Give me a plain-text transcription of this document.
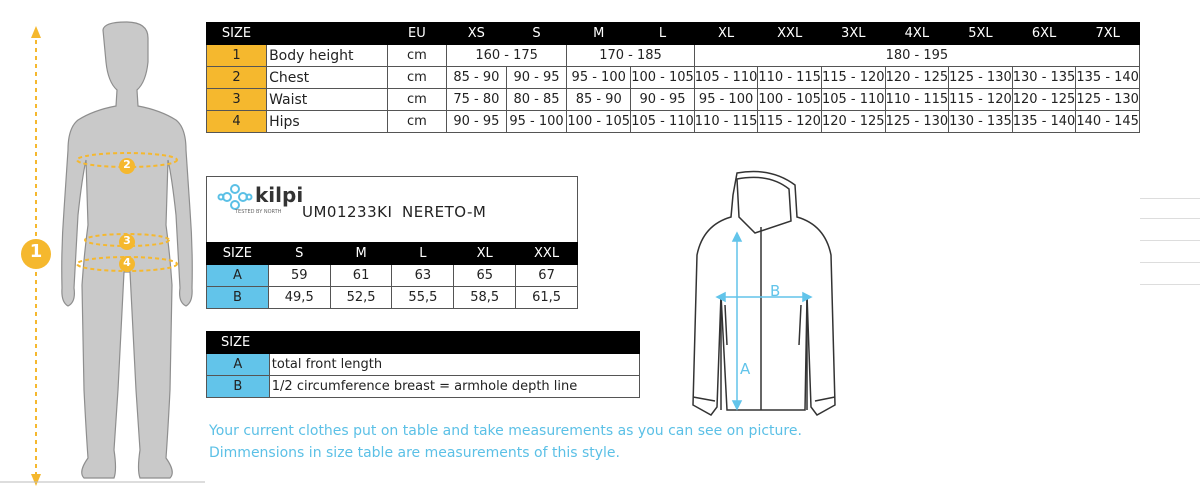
1
2
3
4
SIZE		EU	XS	S	M	L	XL	XXL	3XL	4XL	5XL	6XL	7XL
1	Body height	cm	160 - 175		170 - 185		180 - 195						
2	Chest	cm	85 - 90	90 - 95	95 - 100	100 - 105	105 - 110	110 - 115	115 - 120	120 - 125	125 - 130	130 - 135	135 - 140
3	Waist	cm	75 - 80	80 - 85	85 - 90	90 - 95	95 - 100	100 - 105	105 - 110	110 - 115	115 - 120	120 - 125	125 - 130
4	Hips	cm	90 - 95	95 - 100	100 - 105	105 - 110	110 - 115	115 - 120	120 - 125	125 - 130	130 - 135	135 - 140	140 - 145
kilpi
TESTED BY NORTH UM01233KI NERETO-M
SIZE	S	M	L	XL	XXL
A	59	61	63	65	67
B	49,5	52,5	55,5	58,5	61,5
SIZE	
A	total front length
B	1/2 circumference breast = armhole depth line
A
B
Your current clothes put on table and take measurements as you can see on picture.
Dimmensions in size table are measurements of this style.
